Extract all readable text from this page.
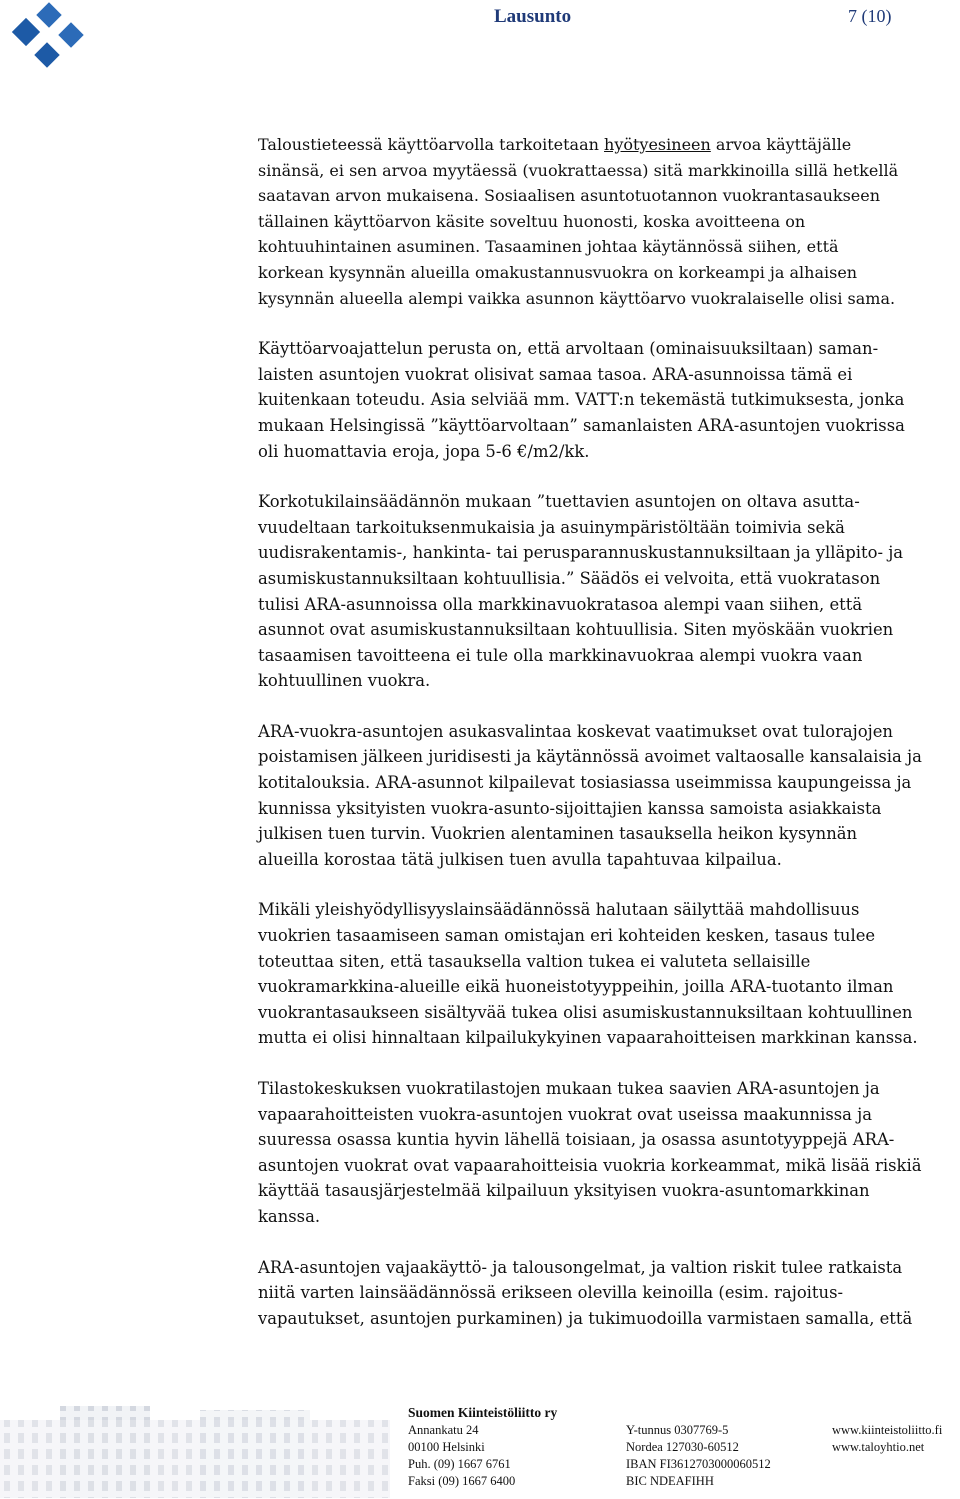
Lausunto	7 (10)

Taloustieteessä käyttöarvolla tarkoitetaan hyötyesineen arvoa käyttäjälle
sinänsä, ei sen arvoa myytäessä (vuokrattaessa) sitä markkinoilla sillä hetkellä
saatavan arvon mukaisena. Sosiaalisen asuntotuotannon vuokrantasaukseen
tällainen käyttöarvon käsite soveltuu huonosti, koska avoitteena on
kohtuuhintainen asuminen. Tasaaminen johtaa käytännössä siihen, että
korkean kysynnän alueilla omakustannusvuokra on korkeampi ja alhaisen
kysynnän alueella alempi vaikka asunnon käyttöarvo vuokralaiselle olisi sama.

Käyttöarvoajattelun perusta on, että arvoltaan (ominaisuuksiltaan) saman-
laisten asuntojen vuokrat olisivat samaa tasoa. ARA-asunnoissa tämä ei
kuitenkaan toteudu. Asia selviää mm. VATT:n tekemästä tutkimuksesta, jonka
mukaan Helsingissä ”käyttöarvoltaan” samanlaisten ARA-asuntojen vuokrissa
oli huomattavia eroja, jopa 5-6 €/m2/kk.

Korkotukilainsäädännön mukaan ”tuettavien asuntojen on oltava asutta-
vuudeltaan tarkoituksenmukaisia ja asuinympäristöltään toimivia sekä
uudisrakentamis-, hankinta- tai perusparannuskustannuksiltaan ja ylläpito- ja
asumiskustannuksiltaan kohtuullisia.” Säädös ei velvoita, että vuokratason
tulisi ARA-asunnoissa olla markkinavuokratasoa alempi vaan siihen, että
asunnot ovat asumiskustannuksiltaan kohtuullisia. Siten myöskään vuokrien
tasaamisen tavoitteena ei tule olla markkinavuokraa alempi vuokra vaan
kohtuullinen vuokra.

ARA-vuokra-asuntojen asukasvalintaa koskevat vaatimukset ovat tulorajojen
poistamisen jälkeen juridisesti ja käytännössä avoimet valtaosalle kansalaisia ja
kotitalouksia. ARA-asunnot kilpailevat tosiasiassa useimmissa kaupungeissa ja
kunnissa yksityisten vuokra-asunto-sijoittajien kanssa samoista asiakkaista
julkisen tuen turvin. Vuokrien alentaminen tasauksella heikon kysynnän
alueilla korostaa tätä julkisen tuen avulla tapahtuvaa kilpailua.

Mikäli yleishyödyllisyyslainsäädännössä halutaan säilyttää mahdollisuus
vuokrien tasaamiseen saman omistajan eri kohteiden kesken, tasaus tulee
toteuttaa siten, että tasauksella valtion tukea ei valuteta sellaisille
vuokramarkkina-alueille eikä huoneistotyyppeihin, joilla ARA-tuotanto ilman
vuokrantasaukseen sisältyvää tukea olisi asumiskustannuksiltaan kohtuullinen
mutta ei olisi hinnaltaan kilpailukykyinen vapaarahoitteisen markkinan kanssa.

Tilastokeskuksen vuokratilastojen mukaan tukea saavien ARA-asuntojen ja
vapaarahoitteisten vuokra-asuntojen vuokrat ovat useissa maakunnissa ja
suuressa osassa kuntia hyvin lähellä toisiaan, ja osassa asuntotyyppejä ARA-
asuntojen vuokrat ovat vapaarahoitteisia vuokria korkeammat, mikä lisää riskiä
käyttää tasausjärjestelmää kilpailuun yksityisen vuokra-asuntomarkkinan
kanssa.

ARA-asuntojen vajaakäyttö- ja talousongelmat, ja valtion riskit tulee ratkaista
niitä varten lainsäädännössä erikseen olevilla keinoilla (esim. rajoitus-
vapautukset, asuntojen purkaminen) ja tukimuodoilla varmistaen samalla, että

Suomen Kiinteistöliitto ry
Annankatu 24
00100 Helsinki
Puh. (09) 1667 6761
Faksi (09) 1667 6400
Y-tunnus 0307769-5
Nordea 127030-60512
IBAN FI3612703000060512
BIC NDEAFIHH
www.kiinteistoliitto.fi
www.taloyhtio.net
